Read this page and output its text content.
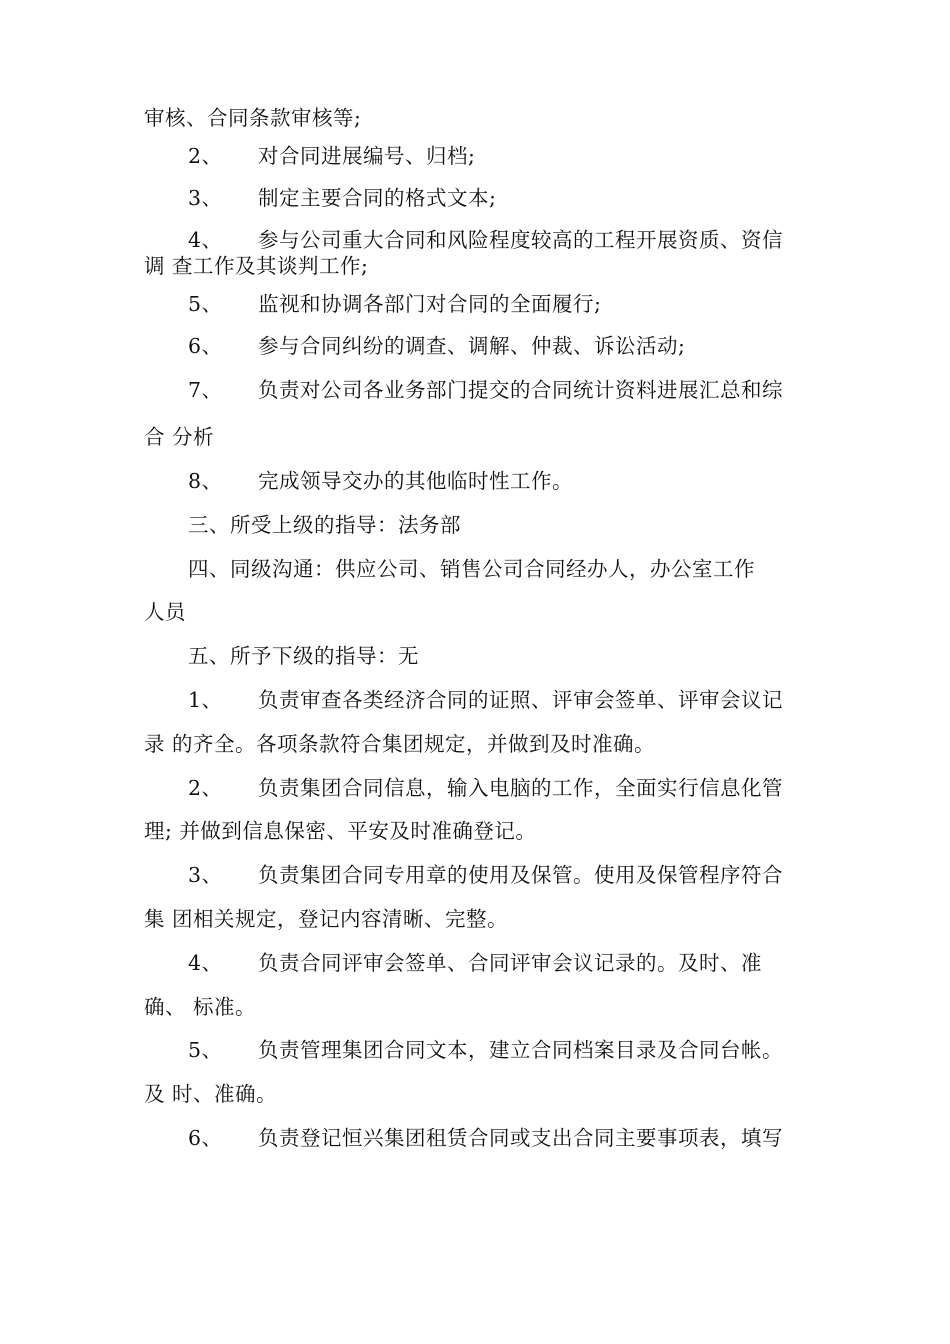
审核、合同条款审核等;
2、 对合同进展编号、归档;
3、 制定主要合同的格式文本;
4、 参与公司重大合同和风险程度较高的工程开展资质、资信
调 查工作及其谈判工作;
5、 监视和协调各部门对合同的全面履行;
6、 参与合同纠纷的调查、调解、仲裁、诉讼活动;
7、 负责对公司各业务部门提交的合同统计资料进展汇总和综
合 分析
8、 完成领导交办的其他临时性工作。
三、所受上级的指导：法务部
四、同级沟通：供应公司、销售公司合同经办人，办公室工作
人员
五、所予下级的指导：无
1、 负责审查各类经济合同的证照、评审会签单、评审会议记
录 的齐全。各项条款符合集团规定，并做到及时准确。
2、 负责集团合同信息，输入电脑的工作，全面实行信息化管
理; 并做到信息保密、平安及时准确登记。
3、 负责集团合同专用章的使用及保管。使用及保管程序符合
集 团相关规定，登记内容清晰、完整。
4、 负责合同评审会签单、合同评审会议记录的。及时、准
确、 标准。
5、 负责管理集团合同文本，建立合同档案目录及合同台帐。
及 时、准确。
6、 负责登记恒兴集团租赁合同或支出合同主要事项表，填写
